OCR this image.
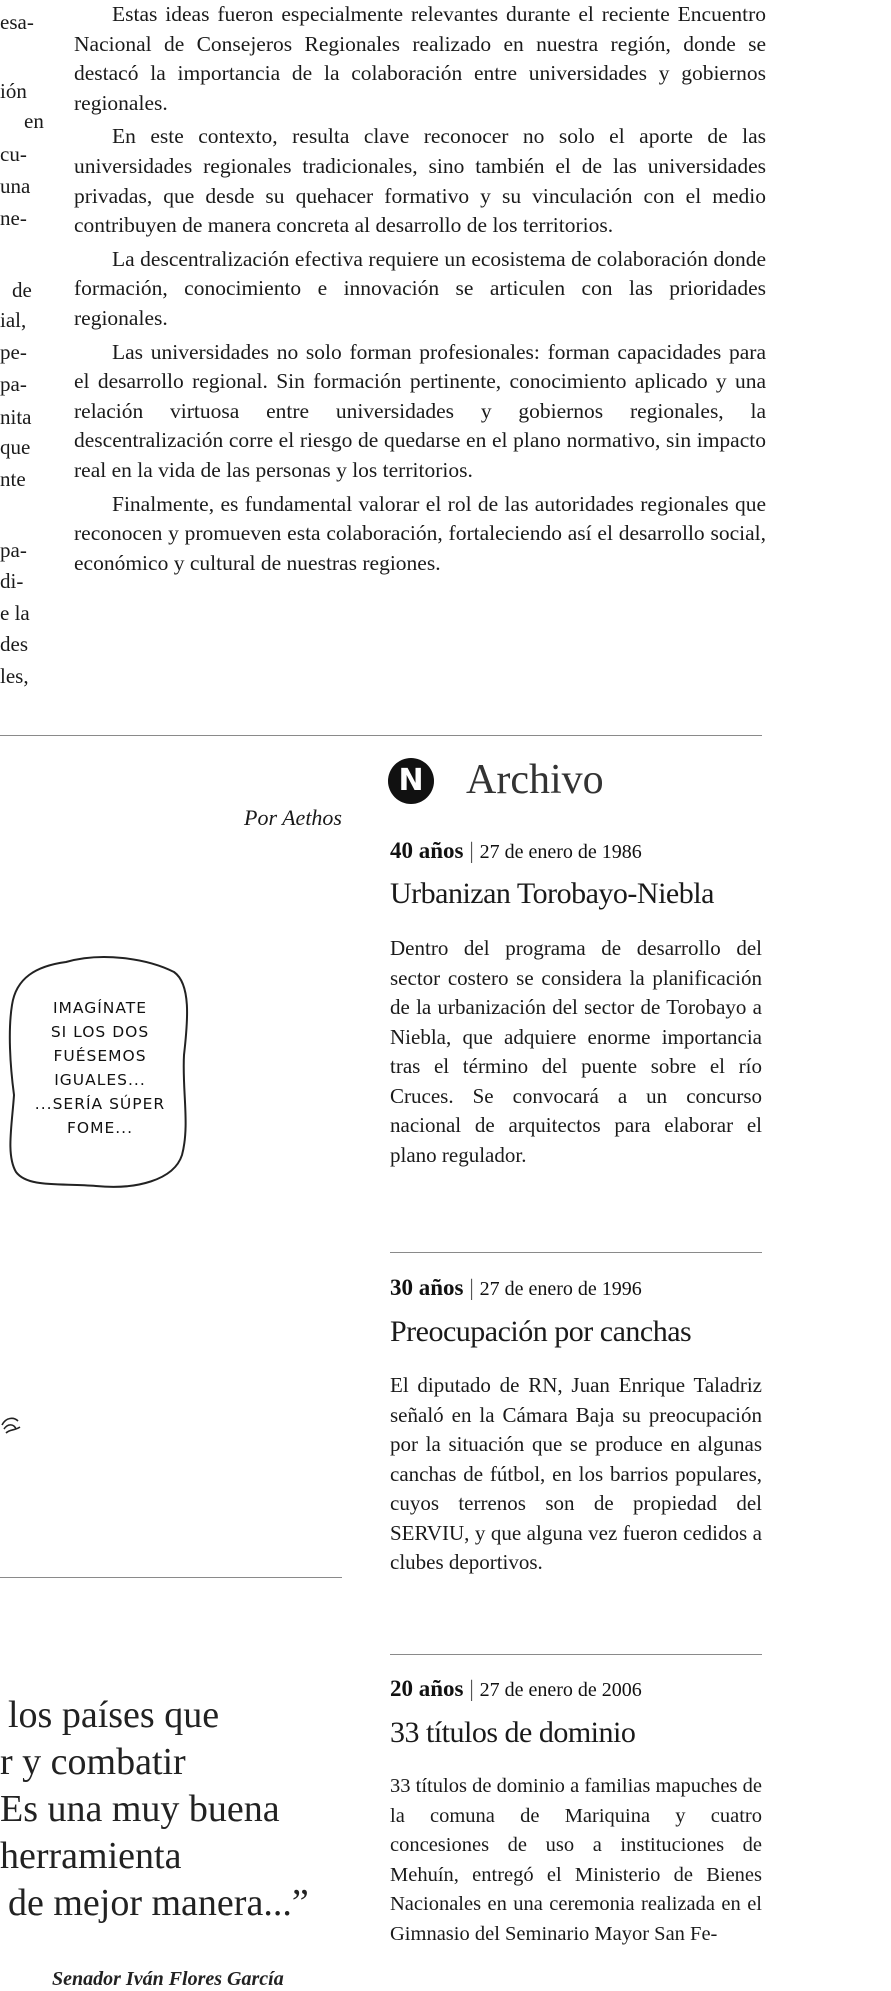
esa-
ión
en
cu-
una
ne-
de
ial,
pe-
pa-
nita
que
nte
pa-
di-
e la
des
les,

Estas ideas fueron especialmente relevantes durante el reciente Encuentro Nacional de Consejeros Regionales realizado en nuestra región, donde se destacó la importancia de la colaboración entre universidades y gobiernos regionales.

En este contexto, resulta clave reconocer no solo el aporte de las universidades regionales tradicionales, sino también el de las universidades privadas, que desde su quehacer formativo y su vinculación con el medio contribuyen de manera concreta al desarrollo de los territorios.

La descentralización efectiva requiere un ecosistema de colaboración donde formación, conocimiento e innovación se articulen con las prioridades regionales.

Las universidades no solo forman profesionales: forman capacidades para el desarrollo regional. Sin formación pertinente, conocimiento aplicado y una relación virtuosa entre universidades y gobiernos regionales, la descentralización corre el riesgo de quedarse en el plano normativo, sin impacto real en la vida de las personas y los territorios.

Finalmente, es fundamental valorar el rol de las autoridades regionales que reconocen y promueven esta colaboración, fortaleciendo así el desarrollo social, económico y cultural de nuestras regiones.

Por Aethos
IMAGÍNATE
SI LOS DOS
FUÉSEMOS
IGUALES...
...SERÍA SÚPER
FOME...
los países que
r y combatir
Es una muy buena
herramienta
de mejor manera...”
Senador Iván Flores García
N Archivo
40 años | 27 de enero de 1986
Urbanizan Torobayo-Niebla
Dentro del programa de desarrollo del sector costero se considera la planificación de la urbanización del sector de Torobayo a Niebla, que adquiere enorme importancia tras el término del puente sobre el río Cruces. Se convocará a un concurso nacional de arquitectos para elaborar el plano regulador.
30 años | 27 de enero de 1996
Preocupación por canchas
El diputado de RN, Juan Enrique Taladriz señaló en la Cámara Baja su preocupación por la situación que se produce en algunas canchas de fútbol, en los barrios populares, cuyos terrenos son de propiedad del SERVIU, y que alguna vez fueron cedidos a clubes deportivos.
20 años | 27 de enero de 2006
33 títulos de dominio
33 títulos de dominio a familias mapuches de la comuna de Mariquina y cuatro concesiones de uso a instituciones de Mehuín, entregó el Ministerio de Bienes Nacionales en una ceremonia realizada en el Gimnasio del Seminario Mayor San Fe-
